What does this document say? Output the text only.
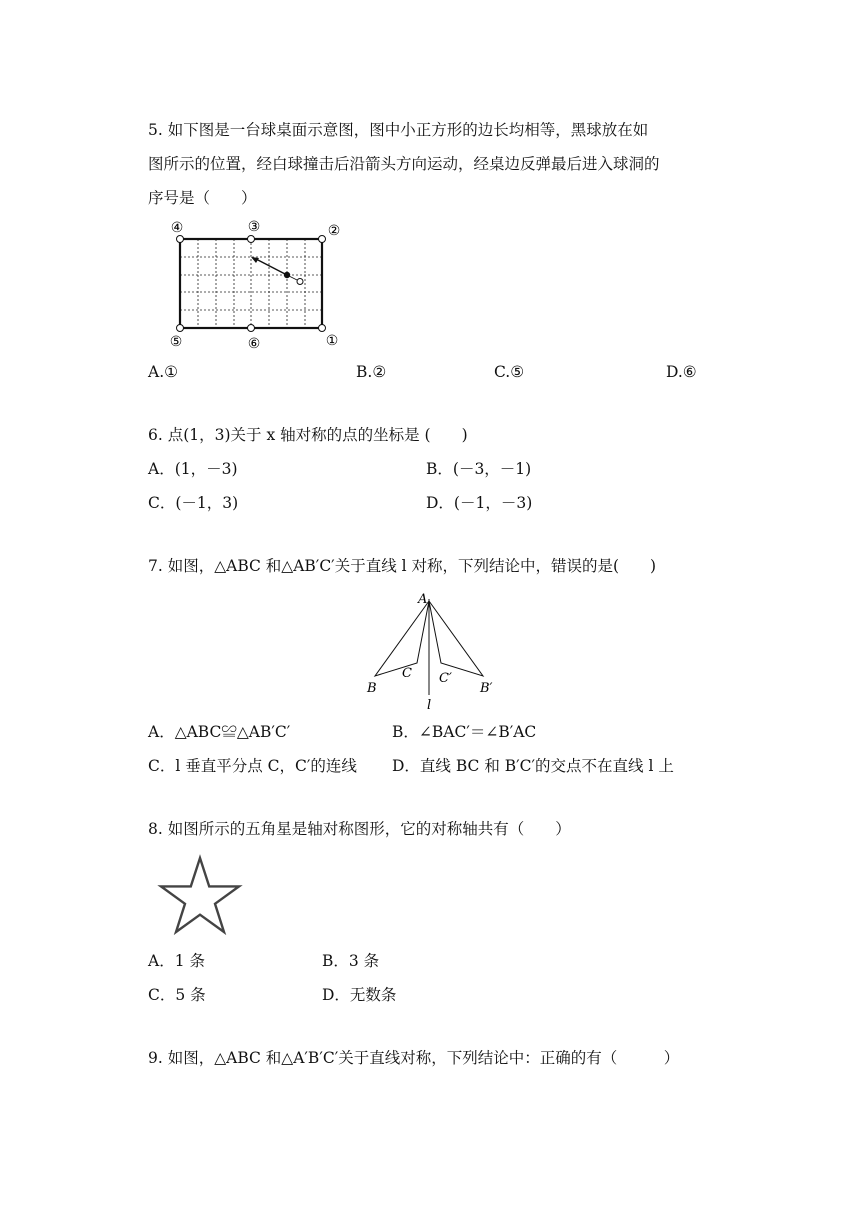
5. 如下图是一台球桌面示意图，图中小正方形的边长均相等，黑球放在如
图所示的位置，经白球撞击后沿箭头方向运动，经桌边反弹最后进入球洞的
序号是（　　）
④	③	②
⑤	⑥	①
A.①	B.②	C.⑤	D.⑥
6. 点(1，3)关于 x 轴对称的点的坐标是 (　　)
A．(1，－3)	B．(－3，－1)
C．(－1，3)	D．(－1，－3)
7. 如图，△ABC 和△AB′C′关于直线 l 对称，下列结论中，错误的是(　　)
A
B
C C′
B′
l
A．△ABC≌△AB′C′	B．∠BAC′＝∠B′AC
C．l 垂直平分点 C，C′的连线 D．直线 BC 和 B′C′的交点不在直线 l 上
8. 如图所示的五角星是轴对称图形，它的对称轴共有（　　）
A．1 条	B．3 条
C．5 条	D．无数条
9. 如图，△ABC 和△A′B′C′关于直线对称，下列结论中：正确的有（　　　）
